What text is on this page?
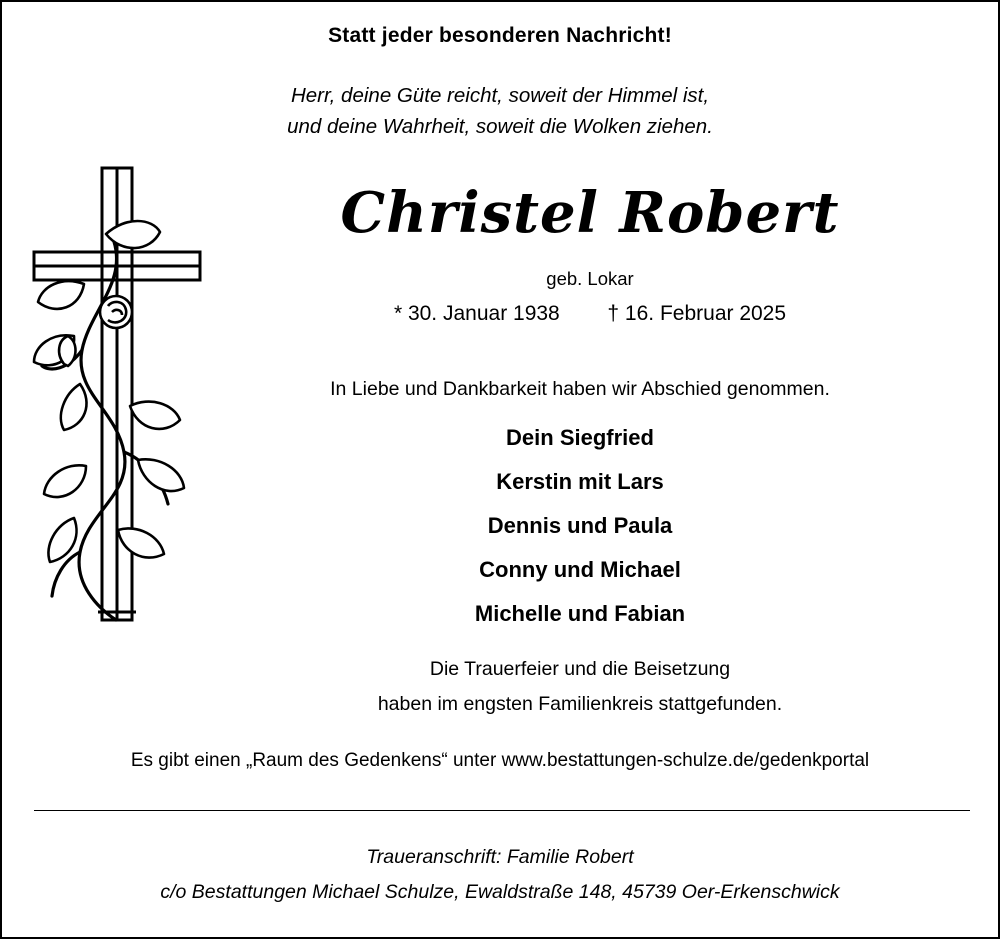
Statt jeder besonderen Nachricht!
Herr, deine Güte reicht, soweit der Himmel ist,
und deine Wahrheit, soweit die Wolken ziehen.
Christel Robert
geb. Lokar
* 30. Januar 1938 † 16. Februar 2025
In Liebe und Dankbarkeit haben wir Abschied genommen.
Dein Siegfried
Kerstin mit Lars
Dennis und Paula
Conny und Michael
Michelle und Fabian
Die Trauerfeier und die Beisetzung
haben im engsten Familienkreis stattgefunden.
Es gibt einen „Raum des Gedenkens“ unter www.bestattungen-schulze.de/gedenkportal
Traueranschrift: Familie Robert
c/o Bestattungen Michael Schulze, Ewaldstraße 148, 45739 Oer-Erkenschwick
